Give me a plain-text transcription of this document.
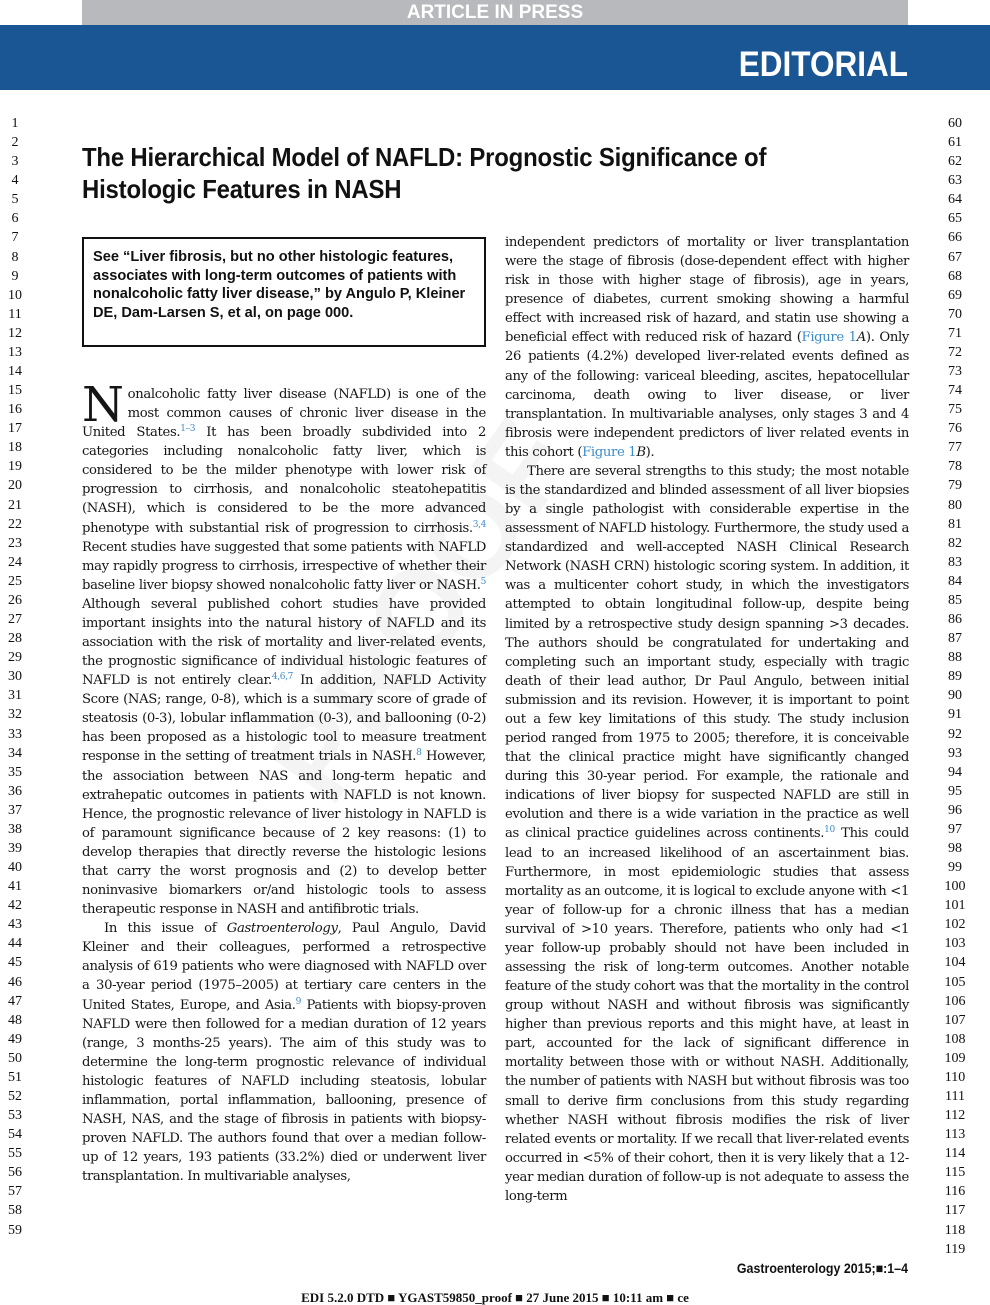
ARTICLE IN PRESS
EDITORIAL
1
2
3
4
5
6
7
8
9
10
11
12
13
14
15
16
17
18
19
20
21
22
23
24
25
26
27
28
29
30
31
32
33
34
35
36
37
38
39
40
41
42
43
44
45
46
47
48
49
50
51
52
53
54
55
56
57
58
59
60
61
62
63
64
65
66
67
68
69
70
71
72
73
74
75
76
77
78
79
80
81
82
83
84
85
86
87
88
89
90
91
92
93
94
95
96
97
98
99
100
101
102
103
104
105
106
107
108
109
110
111
112
113
114
115
116
117
118
119
The Hierarchical Model of NAFLD: Prognostic Significance of
Histologic Features in NASH

See “Liver fibrosis, but no other histologic features, associates with long-term outcomes of patients with nonalcoholic fatty liver disease,” by Angulo P, Kleiner DE, Dam-Larsen S, et al, on page 000.

Nonalcoholic fatty liver disease (NAFLD) is one of the most common causes of chronic liver disease in the United States.$^{1-3}$ It has been broadly subdivided into 2 categories including nonalcoholic fatty liver, which is considered to be the milder phenotype with lower risk of progression to cirrhosis, and nonalcoholic steatohepatitis (NASH), which is considered to be the more advanced phenotype with substantial risk of progression to cirrhosis.$^{3,4}$ Recent studies have suggested that some patients with NAFLD may rapidly progress to cirrhosis, irrespective of whether their baseline liver biopsy showed nonalcoholic fatty liver or NASH.$^5$ Although several published cohort studies have provided important insights into the natural history of NAFLD and its association with the risk of mortality and liver-related events, the prognostic significance of individual histologic features of NAFLD is not entirely clear.$^{4,6,7}$ In addition, NAFLD Activity Score (NAS; range, 0-8), which is a summary score of grade of steatosis (0-3), lobular inflammation (0-3), and ballooning (0-2) has been proposed as a histologic tool to measure treatment response in the setting of treatment trials in NASH.$^8$ However, the association between NAS and long-term hepatic and extrahepatic outcomes in patients with NAFLD is not known. Hence, the prognostic relevance of liver histology in NAFLD is of paramount significance because of 2 key reasons: (1) to develop therapies that directly reverse the histologic lesions that carry the worst prognosis and (2) to develop better noninvasive biomarkers or/and histologic tools to assess therapeutic response in NASH and antifibrotic trials.

In this issue of Gastroenterology, Paul Angulo, David Kleiner and their colleagues, performed a retrospective analysis of 619 patients who were diagnosed with NAFLD over a 30-year period (1975–2005) at tertiary care centers in the United States, Europe, and Asia.$^9$ Patients with biopsy-proven NAFLD were then followed for a median duration of 12 years (range, 3 months-25 years). The aim of this study was to determine the long-term prognostic relevance of individual histologic features of NAFLD including steatosis, lobular inflammation, portal inflammation, ballooning, presence of NASH, NAS, and the stage of fibrosis in patients with biopsy-proven NAFLD. The authors found that over a median follow-up of 12 years, 193 patients (33.2%) died or underwent liver transplantation. In multivariable analyses,

independent predictors of mortality or liver transplantation were the stage of fibrosis (dose-dependent effect with higher risk in those with higher stage of fibrosis), age in years, presence of diabetes, current smoking showing a harmful effect with increased risk of hazard, and statin use showing a beneficial effect with reduced risk of hazard (Figure 1A). Only 26 patients (4.2%) developed liver-related events defined as any of the following: variceal bleeding, ascites, hepatocellular carcinoma, death owing to liver disease, or liver transplantation. In multivariable analyses, only stages 3 and 4 fibrosis were independent predictors of liver related events in this cohort (Figure 1B).

There are several strengths to this study; the most notable is the standardized and blinded assessment of all liver biopsies by a single pathologist with considerable expertise in the assessment of NAFLD histology. Furthermore, the study used a standardized and well-accepted NASH Clinical Research Network (NASH CRN) histologic scoring system. In addition, it was a multicenter cohort study, in which the investigators attempted to obtain longitudinal follow-up, despite being limited by a retrospective study design spanning >3 decades. The authors should be congratulated for undertaking and completing such an important study, especially with tragic death of their lead author, Dr Paul Angulo, between initial submission and its revision. However, it is important to point out a few key limitations of this study. The study inclusion period ranged from 1975 to 2005; therefore, it is conceivable that the clinical practice might have significantly changed during this 30-year period. For example, the rationale and indications of liver biopsy for suspected NAFLD are still in evolution and there is a wide variation in the practice as well as clinical practice guidelines across continents.$^{10}$ This could lead to an increased likelihood of an ascertainment bias. Furthermore, in most epidemiologic studies that assess mortality as an outcome, it is logical to exclude anyone with <1 year of follow-up for a chronic illness that has a median survival of >10 years. Therefore, patients who only had <1 year follow-up probably should not have been included in assessing the risk of long-term outcomes. Another notable feature of the study cohort was that the mortality in the control group without NASH and without fibrosis was significantly higher than previous reports and this might have, at least in part, accounted for the lack of significant difference in mortality between those with or without NASH. Additionally, the number of patients with NASH but without fibrosis was too small to derive firm conclusions from this study regarding whether NASH without fibrosis modifies the risk of liver related events or mortality. If we recall that liver-related events occurred in <5% of their cohort, then it is very likely that a 12-year median duration of follow-up is not adequate to assess the long-term

Gastroenterology 2015;■:1–4
EDI 5.2.0 DTD ■ YGAST59850_proof ■ 27 June 2015 ■ 10:11 am ■ ce
